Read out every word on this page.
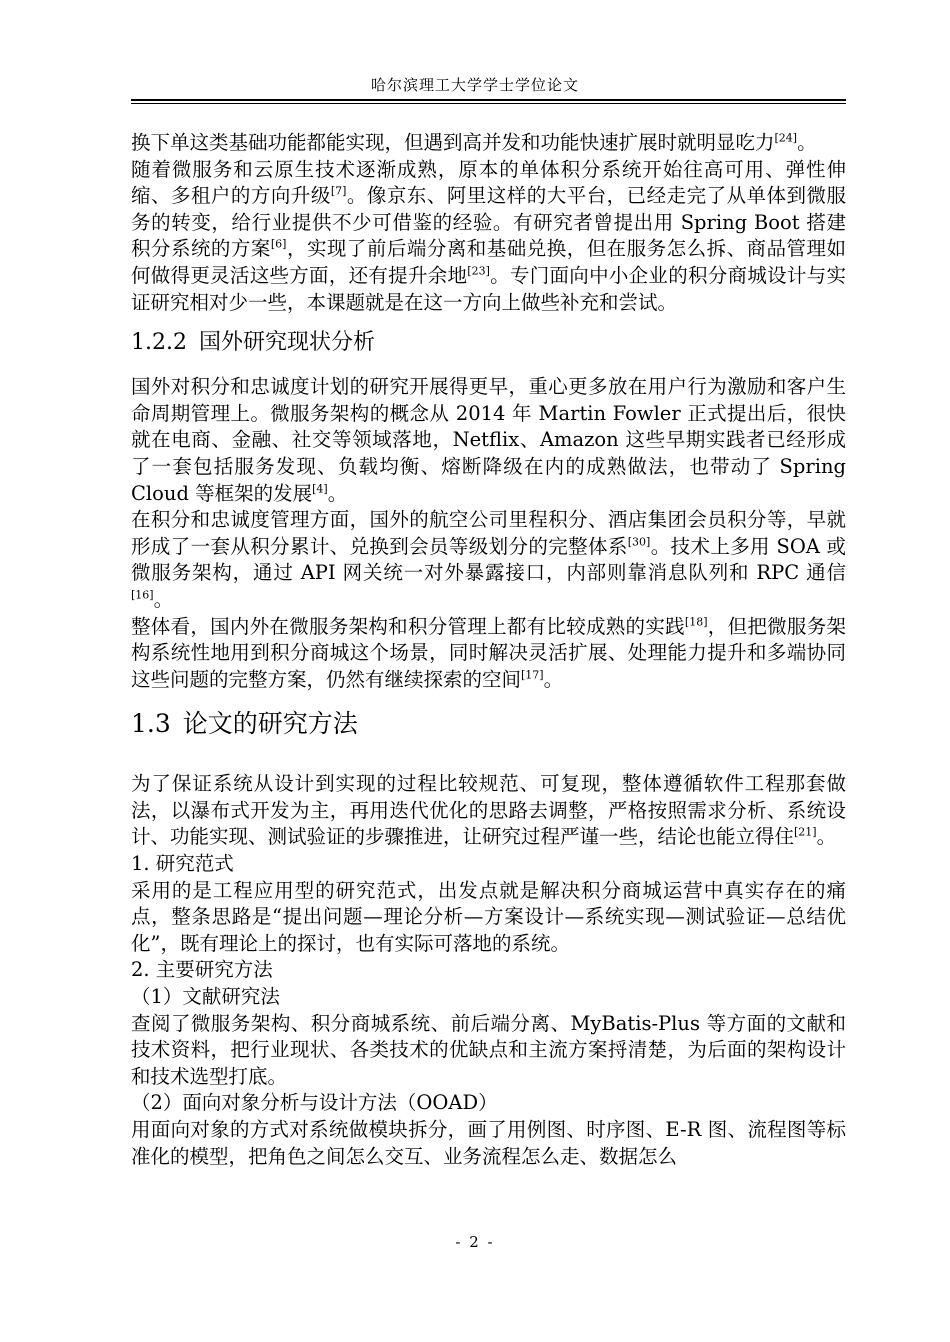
哈尔滨理工大学学士学位论文

换下单这类基础功能都能实现，但遇到高并发和功能快速扩展时就明显吃力[24]。

随着微服务和云原生技术逐渐成熟，原本的单体积分系统开始往高可用、弹性伸缩、多租户的方向升级[7]。像京东、阿里这样的大平台，已经走完了从单体到微服务的转变，给行业提供不少可借鉴的经验。有研究者曾提出用 Spring Boot 搭建积分系统的方案[6]，实现了前后端分离和基础兑换，但在服务怎么拆、商品管理如何做得更灵活这些方面，还有提升余地[23]。专门面向中小企业的积分商城设计与实证研究相对少一些，本课题就是在这一方向上做些补充和尝试。

1.2.2 国外研究现状分析

国外对积分和忠诚度计划的研究开展得更早，重心更多放在用户行为激励和客户生命周期管理上。微服务架构的概念从 2014 年 Martin Fowler 正式提出后，很快就在电商、金融、社交等领域落地，Netflix、Amazon 这些早期实践者已经形成了一套包括服务发现、负载均衡、熔断降级在内的成熟做法，也带动了 Spring Cloud 等框架的发展[4]。

在积分和忠诚度管理方面，国外的航空公司里程积分、酒店集团会员积分等，早就形成了一套从积分累计、兑换到会员等级划分的完整体系[30]。技术上多用 SOA 或微服务架构，通过 API 网关统一对外暴露接口，内部则靠消息队列和 RPC 通信[16]。

整体看，国内外在微服务架构和积分管理上都有比较成熟的实践[18]，但把微服务架构系统性地用到积分商城这个场景，同时解决灵活扩展、处理能力提升和多端协同这些问题的完整方案，仍然有继续探索的空间[17]。

1.3 论文的研究方法

为了保证系统从设计到实现的过程比较规范、可复现，整体遵循软件工程那套做法，以瀑布式开发为主，再用迭代优化的思路去调整，严格按照需求分析、系统设计、功能实现、测试验证的步骤推进，让研究过程严谨一些，结论也能立得住[21]。

1. 研究范式

采用的是工程应用型的研究范式，出发点就是解决积分商城运营中真实存在的痛点，整条思路是“提出问题—理论分析—方案设计—系统实现—测试验证—总结优化”，既有理论上的探讨，也有实际可落地的系统。

2. 主要研究方法

（1）文献研究法

查阅了微服务架构、积分商城系统、前后端分离、MyBatis-Plus 等方面的文献和技术资料，把行业现状、各类技术的优缺点和主流方案捋清楚，为后面的架构设计和技术选型打底。

（2）面向对象分析与设计方法（OOAD）

用面向对象的方式对系统做模块拆分，画了用例图、时序图、E-R 图、流程图等标准化的模型，把角色之间怎么交互、业务流程怎么走、数据怎么

- 2 -
